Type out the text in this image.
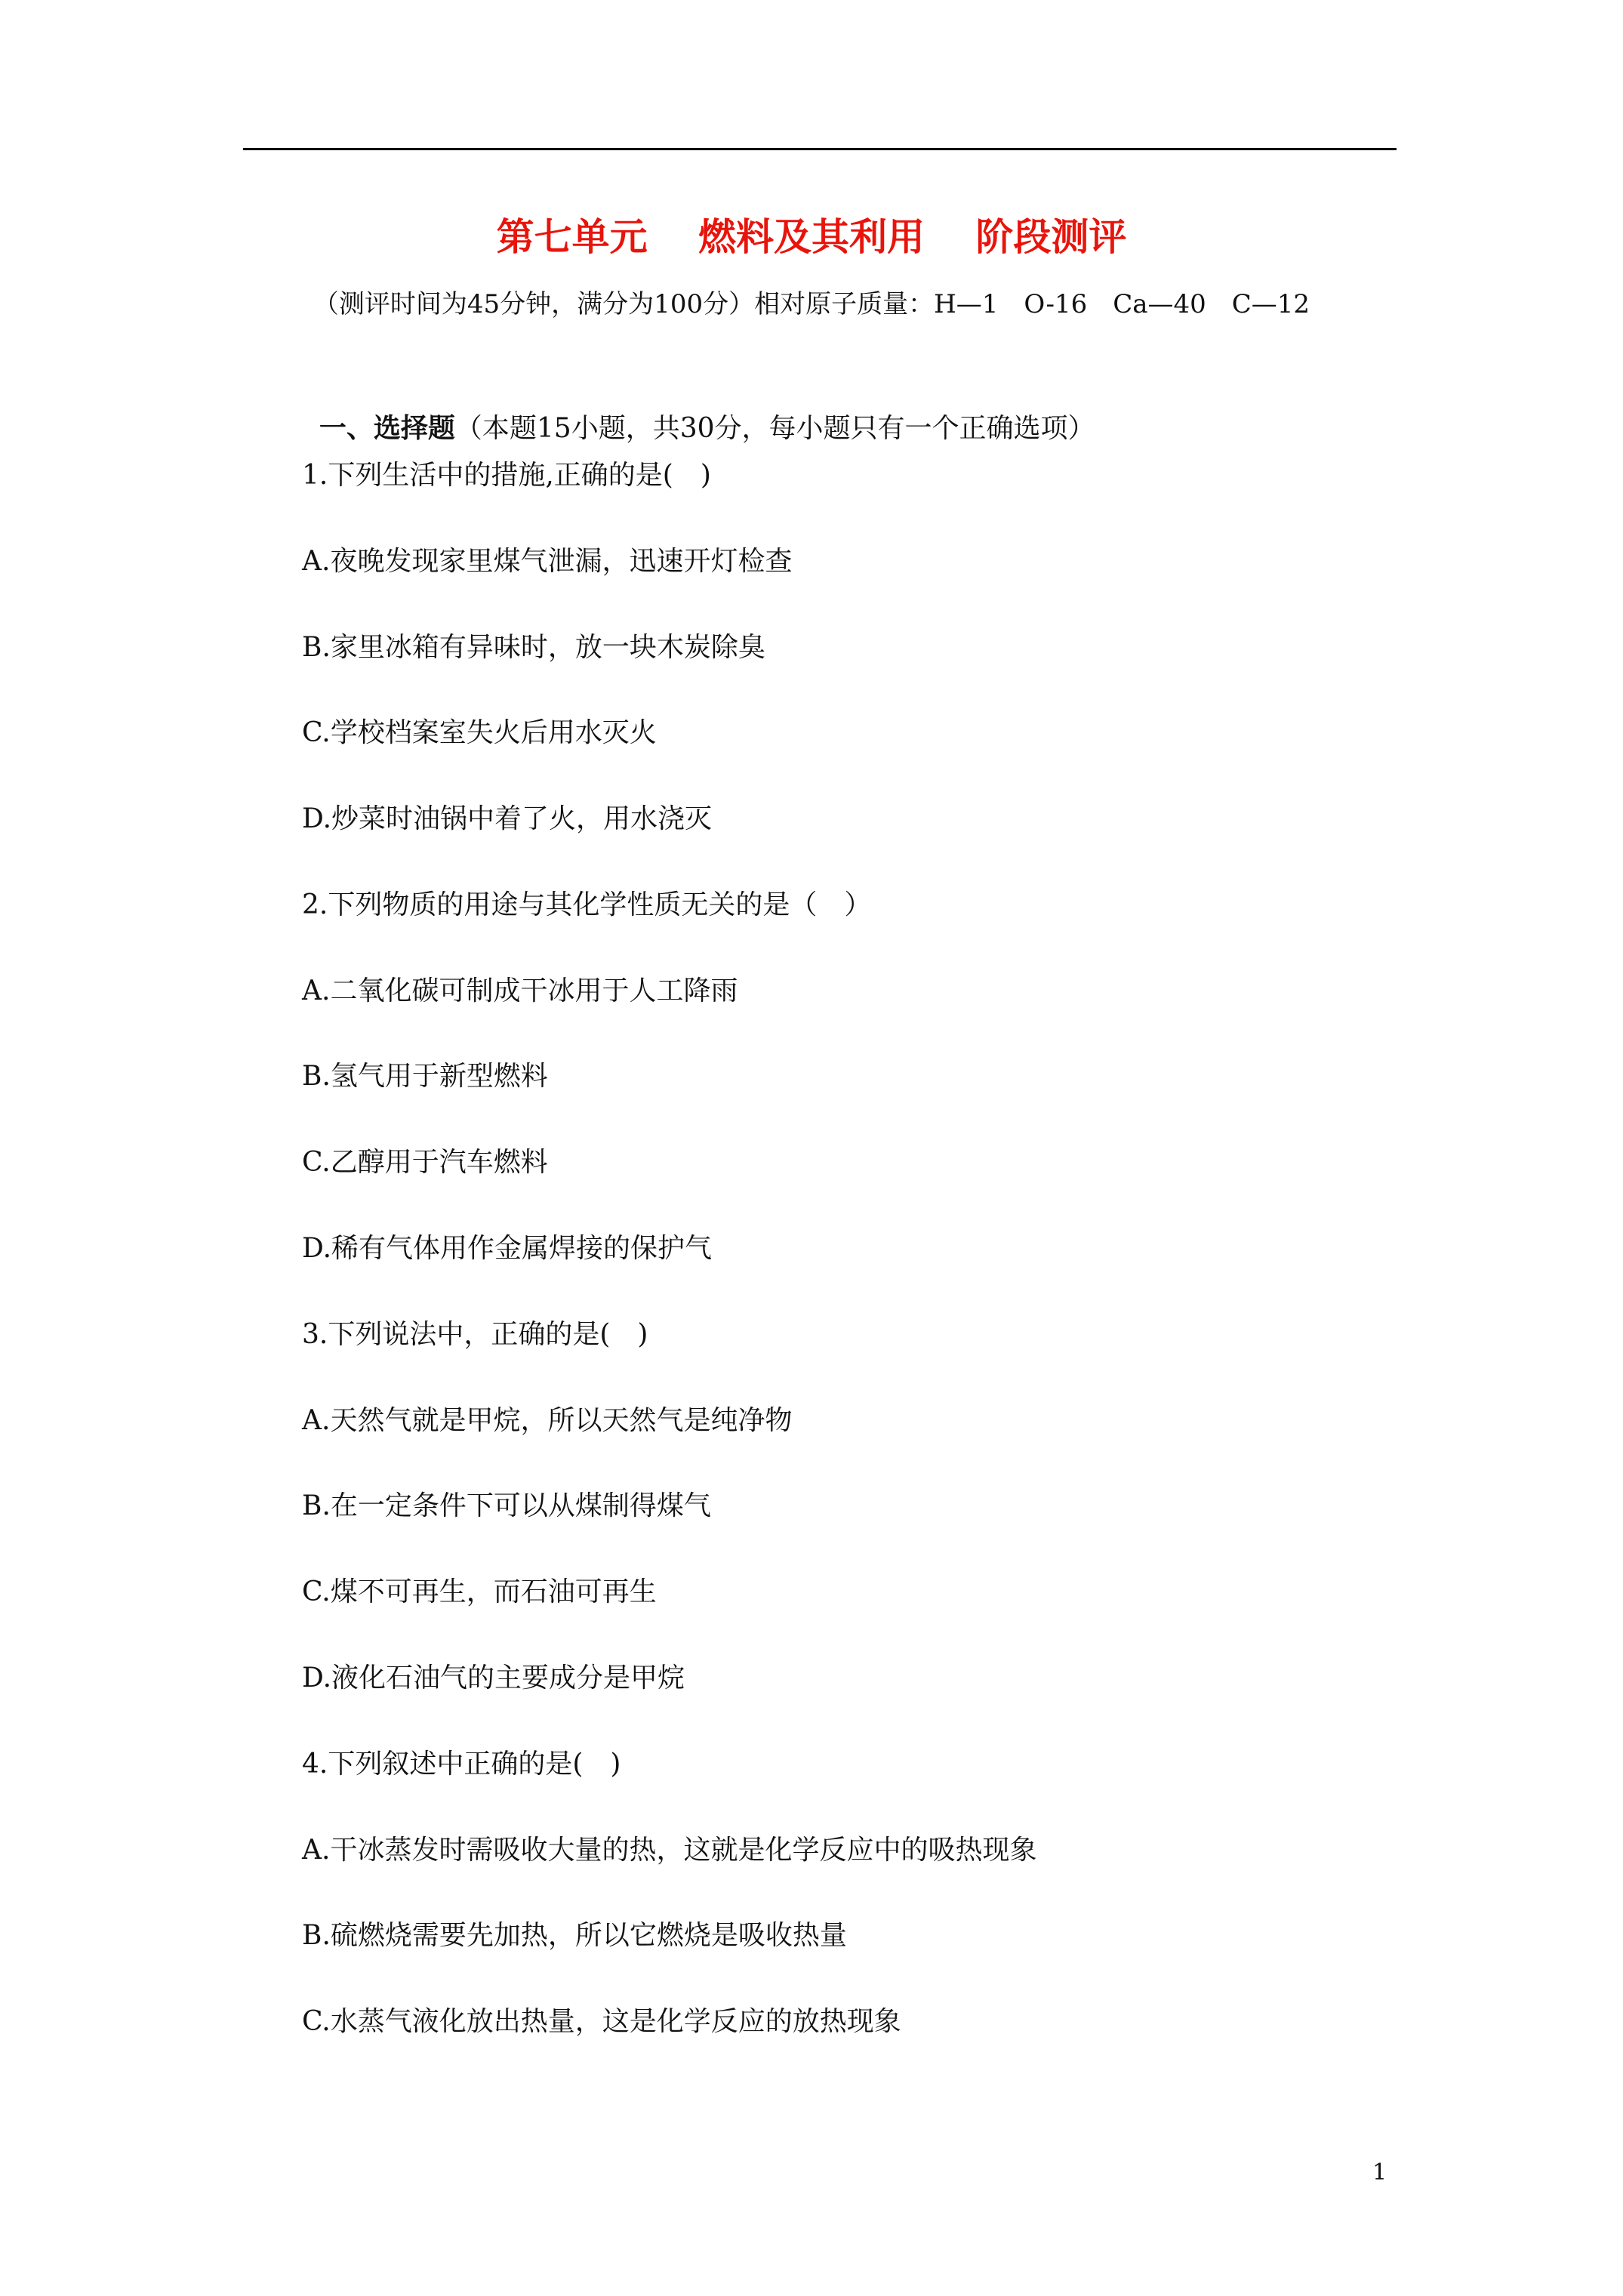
第七单元　 燃料及其利用　 阶段测评
（测评时间为45分钟，满分为100分）相对原子质量：H—1　O-16　Ca—40　C—12

一、选择题（本题15小题，共30分，每小题只有一个正确选项）

1.下列生活中的措施,正确的是(　)
A.夜晚发现家里煤气泄漏，迅速开灯检查
B.家里冰箱有异味时，放一块木炭除臭
C.学校档案室失火后用水灭火
D.炒菜时油锅中着了火，用水浇灭
2.下列物质的用途与其化学性质无关的是（　）
A.二氧化碳可制成干冰用于人工降雨
B.氢气用于新型燃料
C.乙醇用于汽车燃料
D.稀有气体用作金属焊接的保护气
3.下列说法中，正确的是(　)
A.天然气就是甲烷，所以天然气是纯净物
B.在一定条件下可以从煤制得煤气
C.煤不可再生，而石油可再生
D.液化石油气的主要成分是甲烷
4.下列叙述中正确的是(　)
A.干冰蒸发时需吸收大量的热，这就是化学反应中的吸热现象
B.硫燃烧需要先加热，所以它燃烧是吸收热量
C.水蒸气液化放出热量，这是化学反应的放热现象
1
